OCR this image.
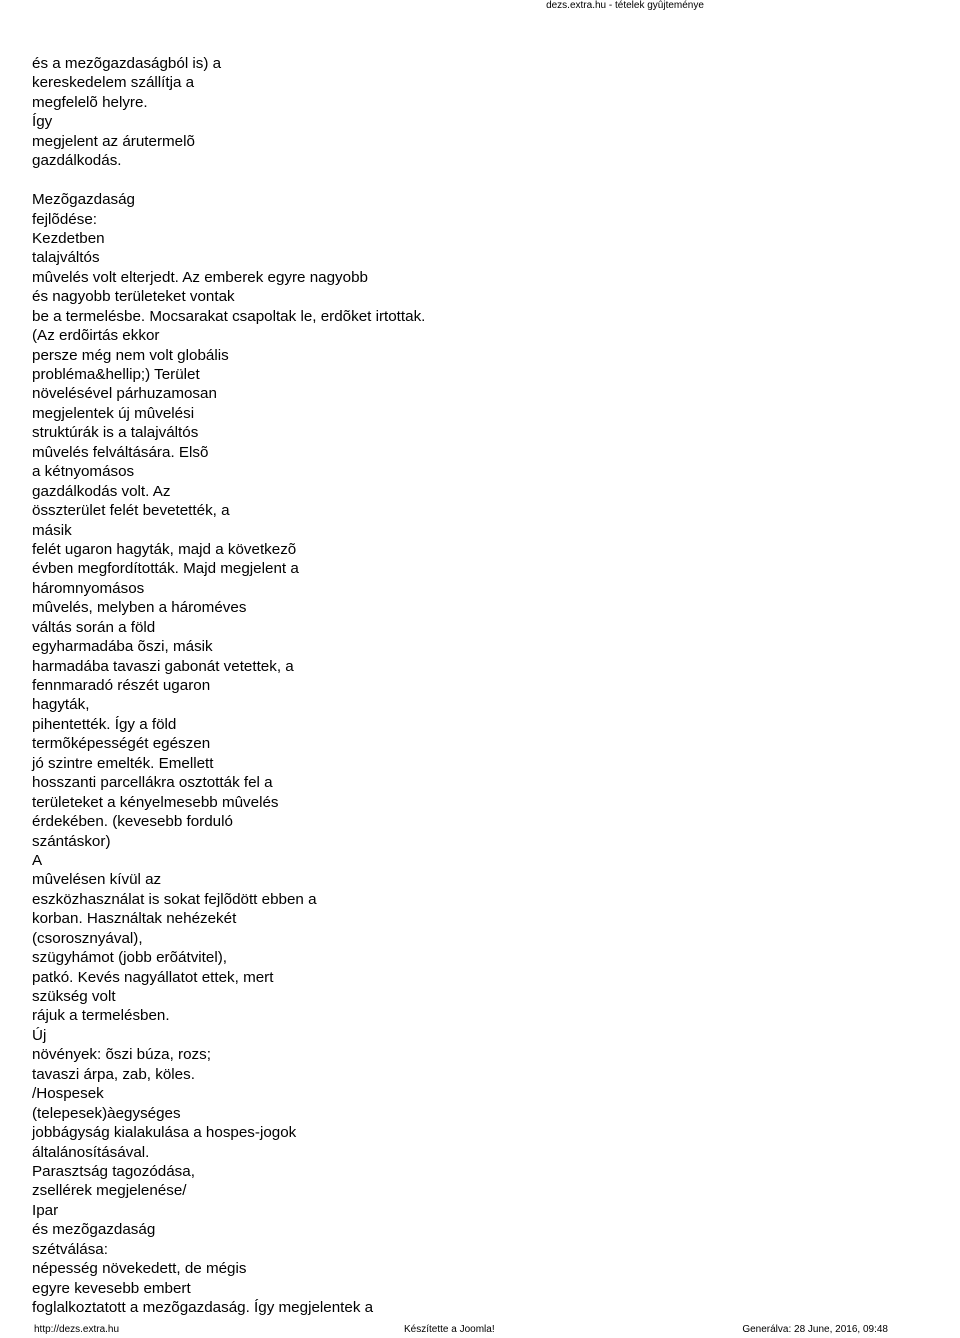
dezs.extra.hu - tételek gyûjteménye
és a mezõgazdaságból is) a
kereskedelem szállítja a
megfelelõ helyre.
Így
megjelent az árutermelõ
gazdálkodás.
Mezõgazdaság
fejlõdése:
Kezdetben
talajváltós
mûvelés volt elterjedt. Az emberek egyre nagyobb
és nagyobb területeket vontak
be a termelésbe. Mocsarakat csapoltak le, erdõket irtottak.
(Az erdõirtás ekkor
persze még nem volt globális
probléma&hellip;) Terület
növelésével párhuzamosan
megjelentek új mûvelési
struktúrák is a talajváltós
mûvelés felváltására. Elsõ
a kétnyomásos
gazdálkodás volt. Az
összterület felét bevetették, a
másik
felét ugaron hagyták, majd a következõ
évben megfordították. Majd megjelent a
háromnyomásos
mûvelés, melyben a hároméves
váltás során a föld
egyharmadába õszi, másik
harmadába tavaszi gabonát vetettek, a
fennmaradó részét ugaron
hagyták,
pihentették. Így a föld
termõképességét egészen
jó szintre emelték. Emellett
hosszanti parcellákra osztották fel a
területeket a kényelmesebb mûvelés
érdekében. (kevesebb forduló
szántáskor)
A
mûvelésen kívül az
eszközhasználat is sokat fejlõdött ebben a
korban. Használtak nehézekét
(csorosznyával),
szügyhámot (jobb erõátvitel),
patkó. Kevés nagyállatot ettek, mert
szükség volt
rájuk a termelésben.
Új
növények: õszi búza, rozs;
tavaszi árpa, zab, köles.
/Hospesek
(telepesek)àegységes
jobbágyság kialakulása a hospes-jogok
általánosításával.
Parasztság tagozódása,
zsellérek megjelenése/
Ipar
és mezõgazdaság
szétválása:
népesség növekedett, de mégis
egyre kevesebb embert
foglalkoztatott a mezõgazdaság. Így megjelentek a
http://dezs.extra.hu	Készítette a Joomla!	Generálva: 28 June, 2016, 09:48
